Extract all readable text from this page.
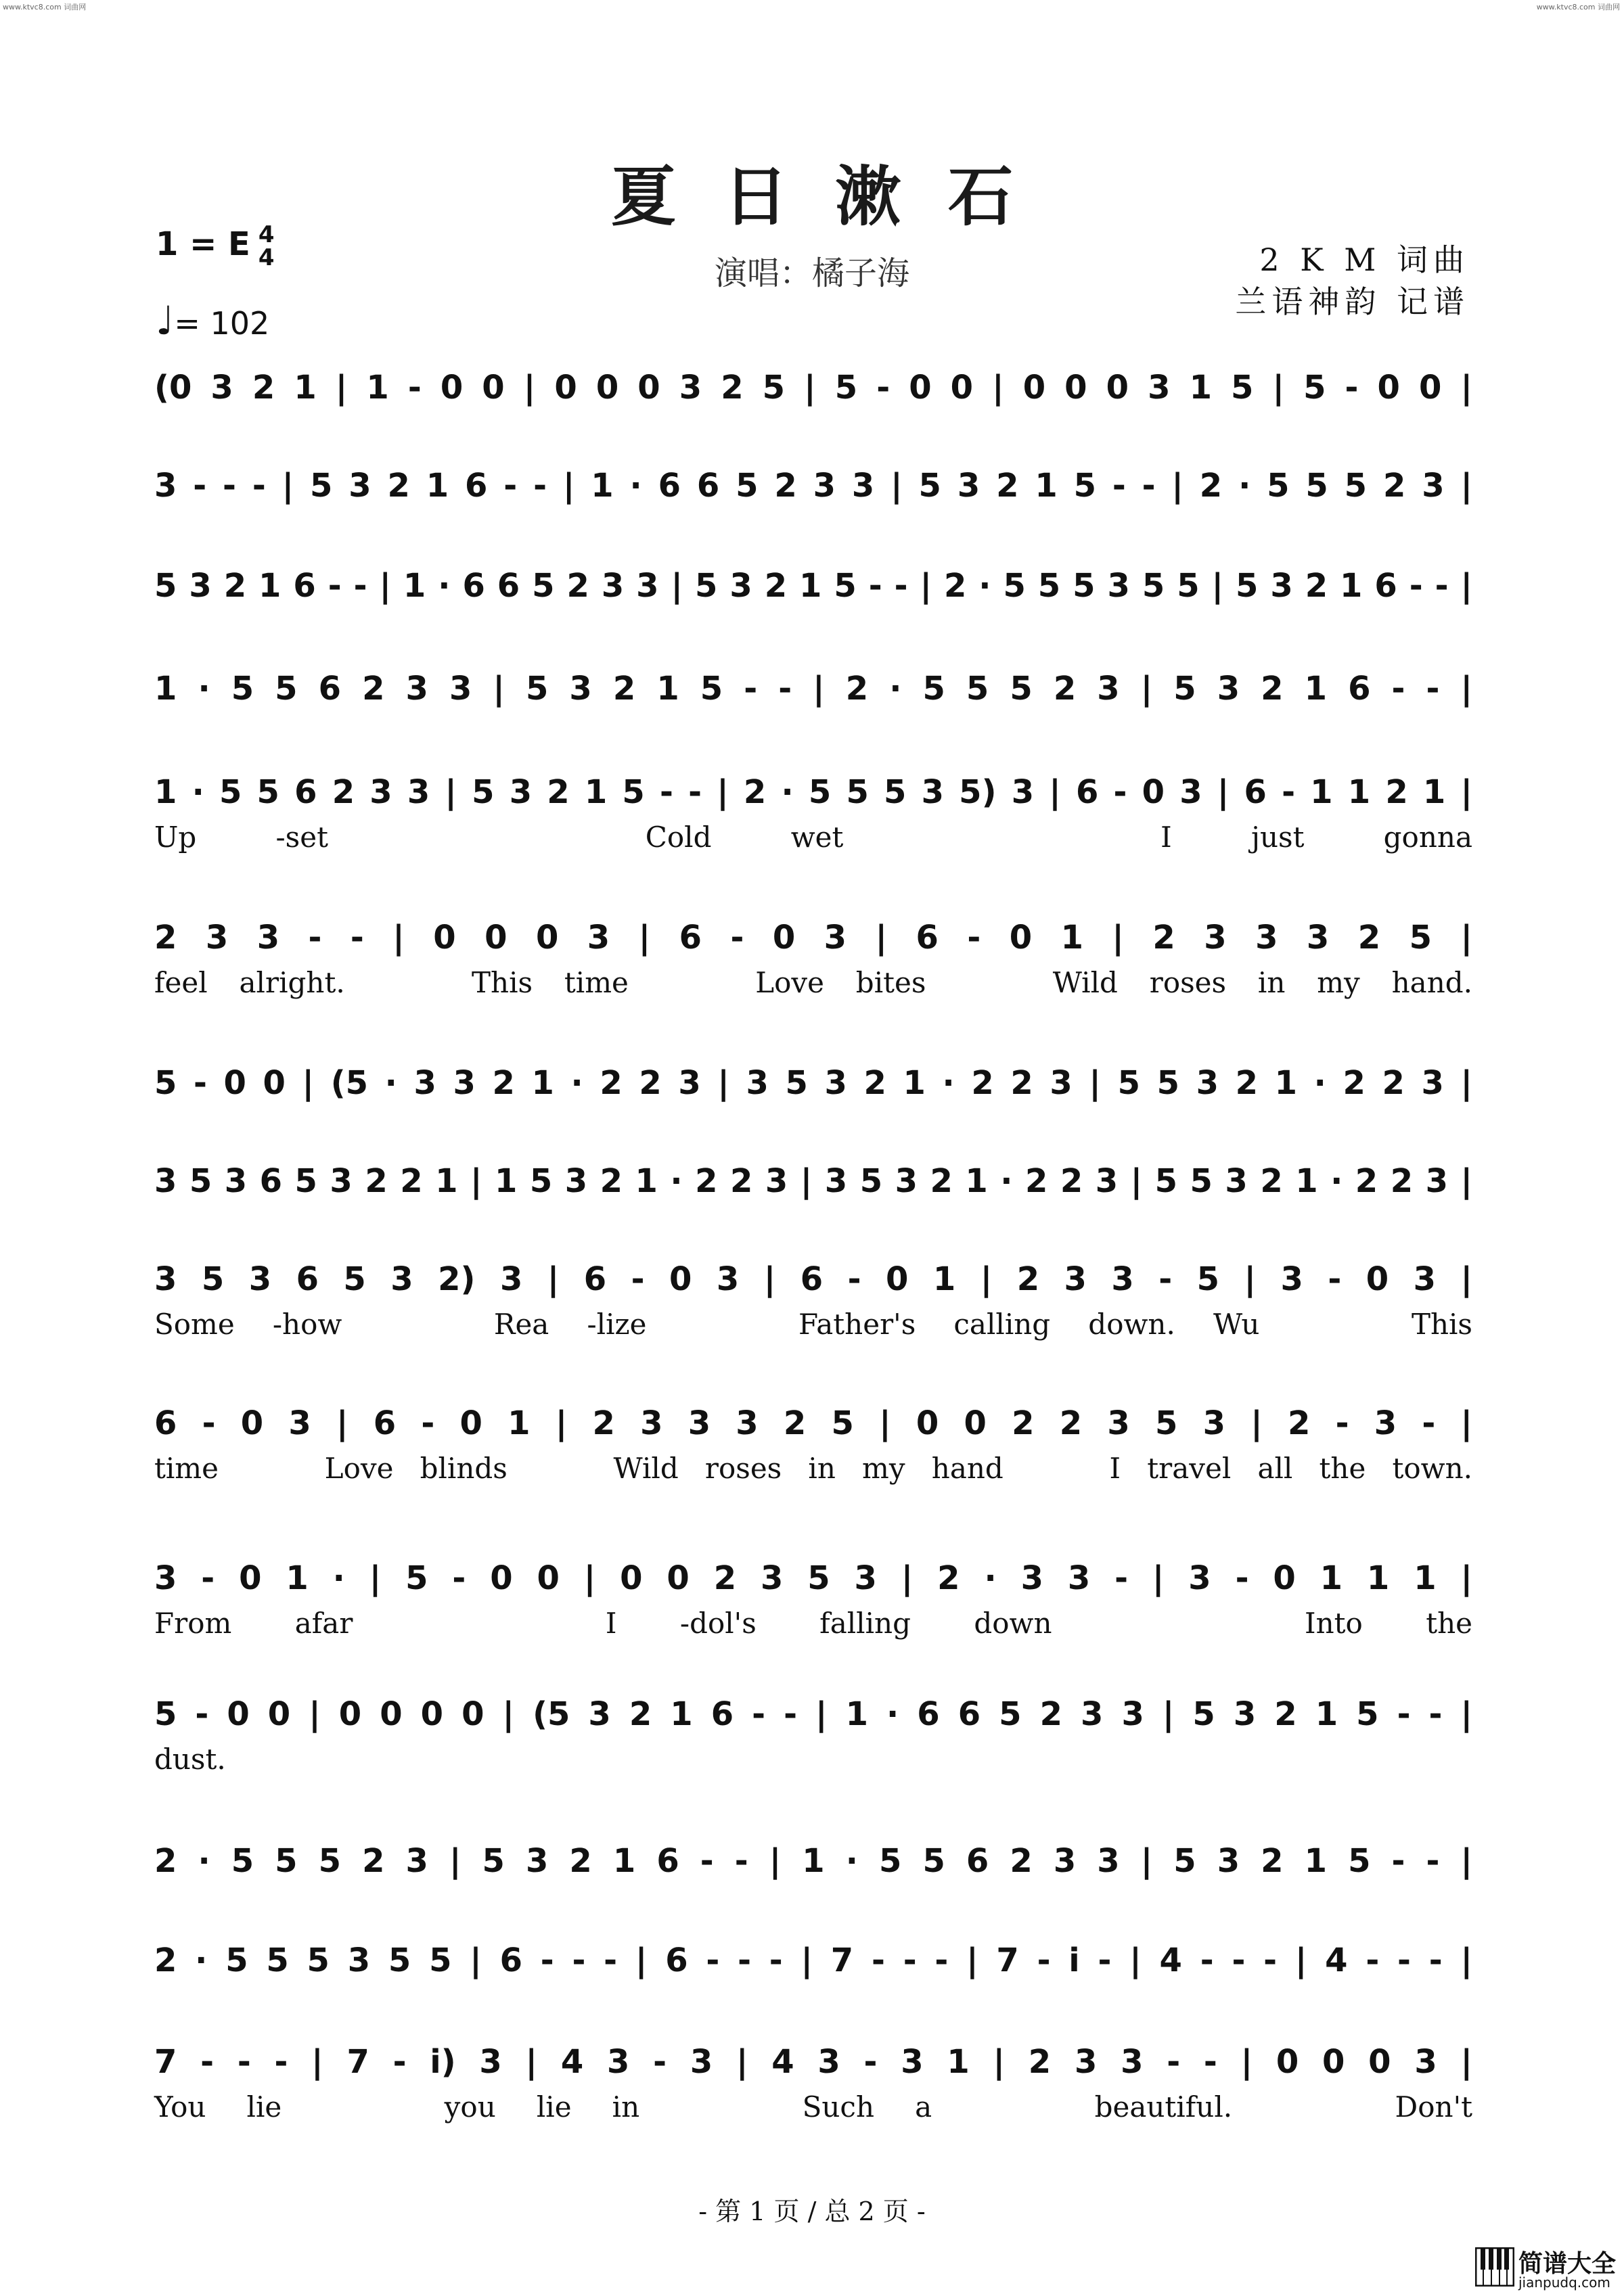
www.ktvc8.com 词曲网	www.ktvc8.com 词曲网
夏日漱石
1 = E 4
4
♩= 102
演唱：橘子海	2 K M 词曲
兰语神韵 记谱
(0 3 2 1 | 1 - 0 0 | 0 0 0 3 2 5 | 5 - 0 0 | 0 0 0 3 1 5 | 5 - 0 0 |
3 - - - | 5 3 2 1 6 - - | 1 · 6 6 5 2 3 3 | 5 3 2 1 5 - - | 2 · 5 5 5 2 3 |
5 3 2 1 6 - - | 1 · 6 6 5 2 3 3 | 5 3 2 1 5 - - | 2 · 5 5 5 3 5 5 | 5 3 2 1 6 - - |
1 · 5 5 6 2 3 3 | 5 3 2 1 5 - - | 2 · 5 5 5 2 3 | 5 3 2 1 6 - - |
1 · 5 5 6 2 3 3 | 5 3 2 1 5 - - | 2 · 5 5 5 3 5) 3 | 6 - 0 3 | 6 - 1 1 2 1 |
2 3 3 - - | 0 0 0 3 | 6 - 0 3 | 6 - 0 1 | 2 3 3 3 2 5 |
5 - 0 0 | (5 · 3 3 2 1 · 2 2 3 | 3 5 3 2 1 · 2 2 3 | 5 5 3 2 1 · 2 2 3 |
3 5 3 6 5 3 2 2 1 | 1 5 3 2 1 · 2 2 3 | 3 5 3 2 1 · 2 2 3 | 5 5 3 2 1 · 2 2 3 |
3 5 3 6 5 3 2) 3 | 6 - 0 3 | 6 - 0 1 | 2 3 3 - 5 | 3 - 0 3 |
6 - 0 3 | 6 - 0 1 | 2 3 3 3 2 5 | 0 0 2 2 3 5 3 | 2 - 3 - |
3 - 0 1 · | 5 - 0 0 | 0 0 2 3 5 3 | 2 · 3 3 - | 3 - 0 1 1 1 |
5 - 0 0 | 0 0 0 0 | (5 3 2 1 6 - - | 1 · 6 6 5 2 3 3 | 5 3 2 1 5 - - |
2 · 5 5 5 2 3 | 5 3 2 1 6 - - | 1 · 5 5 6 2 3 3 | 5 3 2 1 5 - - |
2 · 5 5 5 3 5 5 | 6 - - - | 6 - - - | 7 - - - | 7 - i - | 4 - - - | 4 - - - |
7 - - - | 7 - i) 3 | 4 3 - 3 | 4 3 - 3 1 | 2 3 3 - - | 0 0 0 3 |
Up -set    Cold wet    I just gonna
feel alright.    This time    Love bites    Wild roses in my hand.
Some -how    Rea -lize    Father's calling down. Wu    This
time    Love blinds    Wild roses in my hand    I travel all the town.
From afar    I -dol's falling down    Into the
dust.
You lie    you lie in    Such a    beautiful.    Don't
- 第 1 页 / 总 2 页 -
简谱大全
jianpudq.com
